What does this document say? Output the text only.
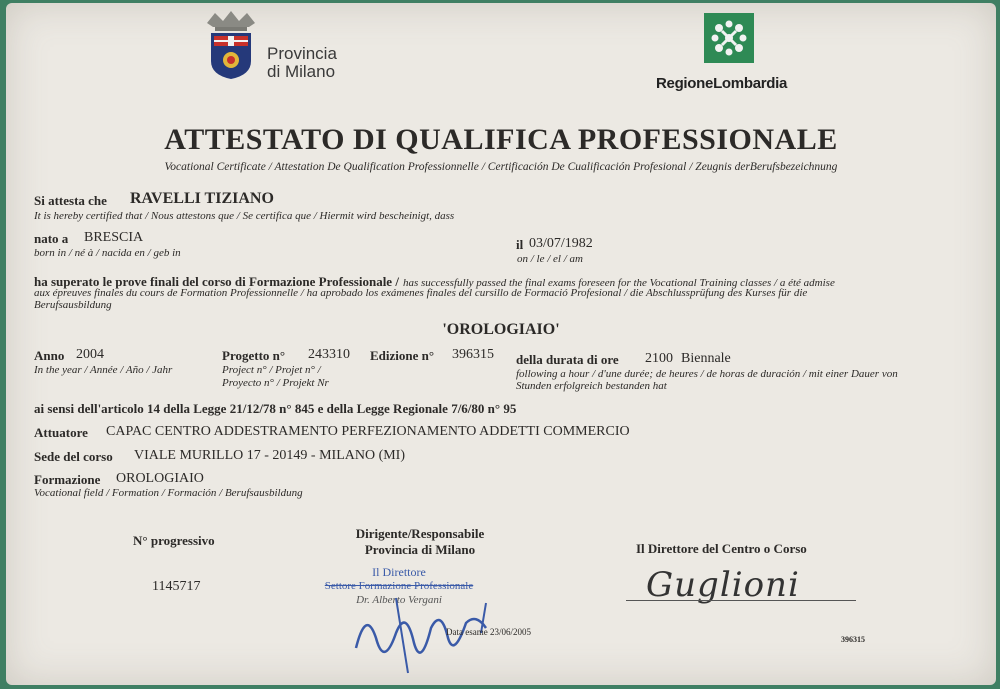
Provincia
di Milano
RegioneLombardia
ATTESTATO DI QUALIFICA PROFESSIONALE
Vocational Certificate / Attestation De Qualification Professionnelle / Certificación De Cualificación Profesional / Zeugnis derBerufsbezeichnung
Si attesta che RAVELLI TIZIANO
It is hereby certified that / Nous attestons que / Se certifica que / Hiermit wird bescheinigt, dass
nato a BRESCIA
born in / né à / nacida en / geb in
il 03/07/1982
on / le / el / am
ha superato le prove finali del corso di Formazione Professionale / has successfully passed the final exams foreseen for the Vocational Training classes / a été admise
aux épreuves finales du cours de Formation Professionnelle / ha aprobado los exámenes finales del cursillo de Formació Profesional / die Abschlussprüfung des Kurses für die
Berufsausbildung
'OROLOGIAIO'
Anno 2004
In the year / Année / Año / Jahr
Progetto n° 243310
Project n° / Projet n° /
Proyecto n° / Projekt Nr
Edizione n° 396315 della durata di ore 2100 Biennale
following a hour / d'une durée; de heures / de horas de duración / mit einer Dauer von
Stunden erfolgreich bestanden hat
ai sensi dell'articolo 14 della Legge 21/12/78 n° 845 e della Legge Regionale 7/6/80 n° 95
Attuatore CAPAC CENTRO ADDESTRAMENTO PERFEZIONAMENTO ADDETTI COMMERCIO
Sede del corso VIALE MURILLO 17 - 20149 - MILANO (MI)
Formazione OROLOGIAIO
Vocational field / Formation / Formación / Berufsausbildung
N° progressivo
1145717
Dirigente/Responsabile
Provincia di Milano
Il Direttore
Settore Formazione Professionale
Dr. Alberto Vergani
Data esame 23/06/2005
Il Direttore del Centro o Corso
Guglioni
396315
